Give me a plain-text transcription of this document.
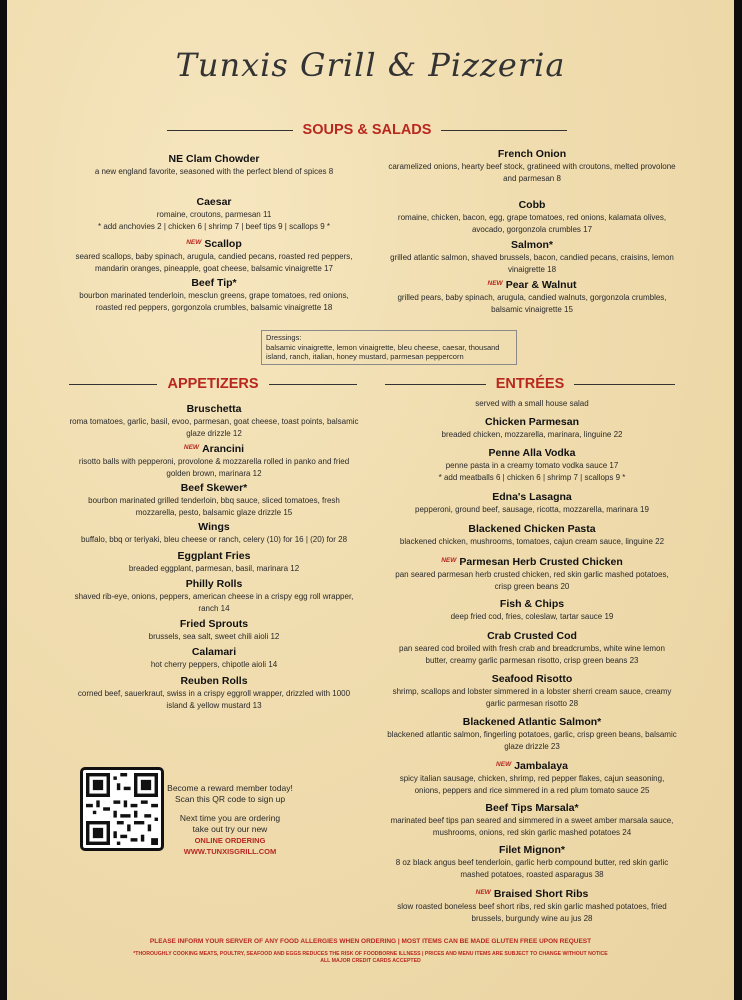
Tunxis Grill & Pizzeria
SOUPS & SALADS
NE Clam Chowder
a new england favorite, seasoned with the perfect blend of spices 8
Caesar
romaine, croutons, parmesan 11
* add anchovies 2 | chicken 6 | shrimp 7 | beef tips 9 | scallops 9 *
$^{NEW}$ Scallop
seared scallops, baby spinach, arugula, candied pecans, roasted red peppers, mandarin oranges, pineapple, goat cheese, balsamic vinaigrette 17
Beef Tip*
bourbon marinated tenderloin, mesclun greens, grape tomatoes, red onions, roasted red peppers, gorgonzola crumbles, balsamic vinaigrette 18
French Onion
caramelized onions, hearty beef stock, gratineed with croutons, melted provolone and parmesan 8
Cobb
romaine, chicken, bacon, egg, grape tomatoes, red onions, kalamata olives, avocado, gorgonzola crumbles 17
Salmon*
grilled atlantic salmon, shaved brussels, bacon, candied pecans, craisins, lemon vinaigrette 18
$^{NEW}$ Pear & Walnut
grilled pears, baby spinach, arugula, candied walnuts, gorgonzola crumbles, balsamic vinaigrette 15
Dressings:
balsamic vinaigrette, lemon vinaigrette, bleu cheese, caesar, thousand island, ranch, italian, honey mustard, parmesan peppercorn
APPETIZERS	ENTRÉES
Bruschetta
roma tomatoes, garlic, basil, evoo, parmesan, goat cheese, toast points, balsamic glaze drizzle 12
$^{NEW}$ Arancini
risotto balls with pepperoni, provolone & mozzarella rolled in panko and fried golden brown, marinara 12
Beef Skewer*
bourbon marinated grilled tenderloin, bbq sauce, sliced tomatoes, fresh mozzarella, pesto, balsamic glaze drizzle 15
Wings
buffalo, bbq or teriyaki, bleu cheese or ranch, celery (10) for 16 | (20) for 28
Eggplant Fries
breaded eggplant, parmesan, basil, marinara 12
Philly Rolls
shaved rib-eye, onions, peppers, american cheese in a crispy egg roll wrapper, ranch 14
Fried Sprouts
brussels, sea salt, sweet chili aioli 12
Calamari
hot cherry peppers, chipotle aioli 14
Reuben Rolls
corned beef, sauerkraut, swiss in a crispy eggroll wrapper, drizzled with 1000 island & yellow mustard 13
served with a small house salad
Chicken Parmesan
breaded chicken, mozzarella, marinara, linguine 22
Penne Alla Vodka
penne pasta in a creamy tomato vodka sauce 17
* add meatballs 6 | chicken 6 | shrimp 7 | scallops 9 *
Edna's Lasagna
pepperoni, ground beef, sausage, ricotta, mozzarella, marinara 19
Blackened Chicken Pasta
blackened chicken, mushrooms, tomatoes, cajun cream sauce, linguine 22
$^{NEW}$ Parmesan Herb Crusted Chicken
pan seared parmesan herb crusted chicken, red skin garlic mashed potatoes, crisp green beans 20
Fish & Chips
deep fried cod, fries, coleslaw, tartar sauce 19
Crab Crusted Cod
pan seared cod broiled with fresh crab and breadcrumbs, white wine lemon butter, creamy garlic parmesan risotto, crisp green beans 23
Seafood Risotto
shrimp, scallops and lobster simmered in a lobster sherri cream sauce, creamy garlic parmesan risotto 28
Blackened Atlantic Salmon*
blackened atlantic salmon, fingerling potatoes, garlic, crisp green beans, balsamic glaze drizzle 23
$^{NEW}$ Jambalaya
spicy italian sausage, chicken, shrimp, red pepper flakes, cajun seasoning, onions, peppers and rice simmered in a red plum tomato sauce 25
Beef Tips Marsala*
marinated beef tips pan seared and simmered in a sweet amber marsala sauce, mushrooms, onions, red skin garlic mashed potatoes 24
Filet Mignon*
8 oz black angus beef tenderloin, garlic herb compound butter, red skin garlic mashed potatoes, roasted asparagus 38
$^{NEW}$ Braised Short Ribs
slow roasted boneless beef short ribs, red skin garlic mashed potatoes, fried brussels, burgundy wine au jus 28
Become a reward member today!
Scan this QR code to sign up
Next time you are ordering
take out try our new
ONLINE ORDERING
WWW.TUNXISGRILL.COM
PLEASE INFORM YOUR SERVER OF ANY FOOD ALLERGIES WHEN ORDERING | MOST ITEMS CAN BE MADE GLUTEN FREE UPON REQUEST
*THOROUGHLY COOKING MEATS, POULTRY, SEAFOOD AND EGGS REDUCES THE RISK OF FOODBORNE ILLNESS | PRICES AND MENU ITEMS ARE SUBJECT TO CHANGE WITHOUT NOTICE
ALL MAJOR CREDIT CARDS ACCEPTED
